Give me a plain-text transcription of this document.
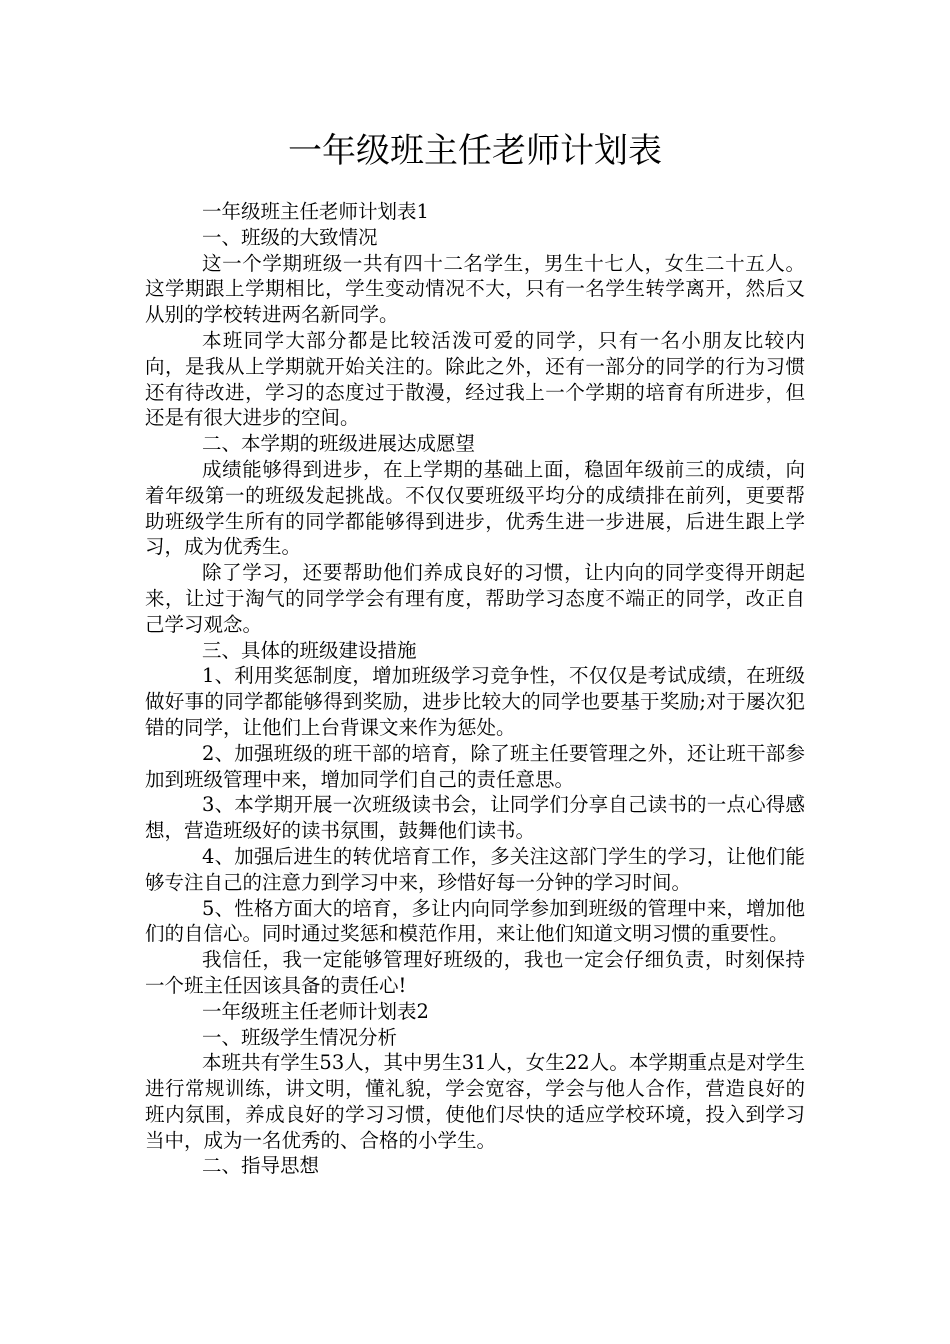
一年级班主任老师计划表

一年级班主任老师计划表1

一、班级的大致情况

这一个学期班级一共有四十二名学生，男生十七人，女生二十五人。这学期跟上学期相比，学生变动情况不大，只有一名学生转学离开，然后又从别的学校转进两名新同学。

本班同学大部分都是比较活泼可爱的同学，只有一名小朋友比较内向，是我从上学期就开始关注的。除此之外，还有一部分的同学的行为习惯还有待改进，学习的态度过于散漫，经过我上一个学期的培育有所进步，但还是有很大进步的空间。

二、本学期的班级进展达成愿望

成绩能够得到进步，在上学期的基础上面，稳固年级前三的成绩，向着年级第一的班级发起挑战。不仅仅要班级平均分的成绩排在前列，更要帮助班级学生所有的同学都能够得到进步，优秀生进一步进展，后进生跟上学习，成为优秀生。

除了学习，还要帮助他们养成良好的习惯，让内向的同学变得开朗起来，让过于淘气的同学学会有理有度，帮助学习态度不端正的同学，改正自己学习观念。

三、具体的班级建设措施

1、利用奖惩制度，增加班级学习竞争性，不仅仅是考试成绩，在班级做好事的同学都能够得到奖励，进步比较大的同学也要基于奖励;对于屡次犯错的同学，让他们上台背课文来作为惩处。

2、加强班级的班干部的培育，除了班主任要管理之外，还让班干部参加到班级管理中来，增加同学们自己的责任意思。

3、本学期开展一次班级读书会，让同学们分享自己读书的一点心得感想，营造班级好的读书氛围，鼓舞他们读书。

4、加强后进生的转优培育工作，多关注这部门学生的学习，让他们能够专注自己的注意力到学习中来，珍惜好每一分钟的学习时间。

5、性格方面大的培育，多让内向同学参加到班级的管理中来，增加他们的自信心。同时通过奖惩和模范作用，来让他们知道文明习惯的重要性。

我信任，我一定能够管理好班级的，我也一定会仔细负责，时刻保持一个班主任因该具备的责任心!

一年级班主任老师计划表2

一、班级学生情况分析

本班共有学生53人，其中男生31人，女生22人。本学期重点是对学生进行常规训练，讲文明，懂礼貌，学会宽容，学会与他人合作，营造良好的班内氛围，养成良好的学习习惯，使他们尽快的适应学校环境，投入到学习当中，成为一名优秀的、合格的小学生。

二、指导思想
